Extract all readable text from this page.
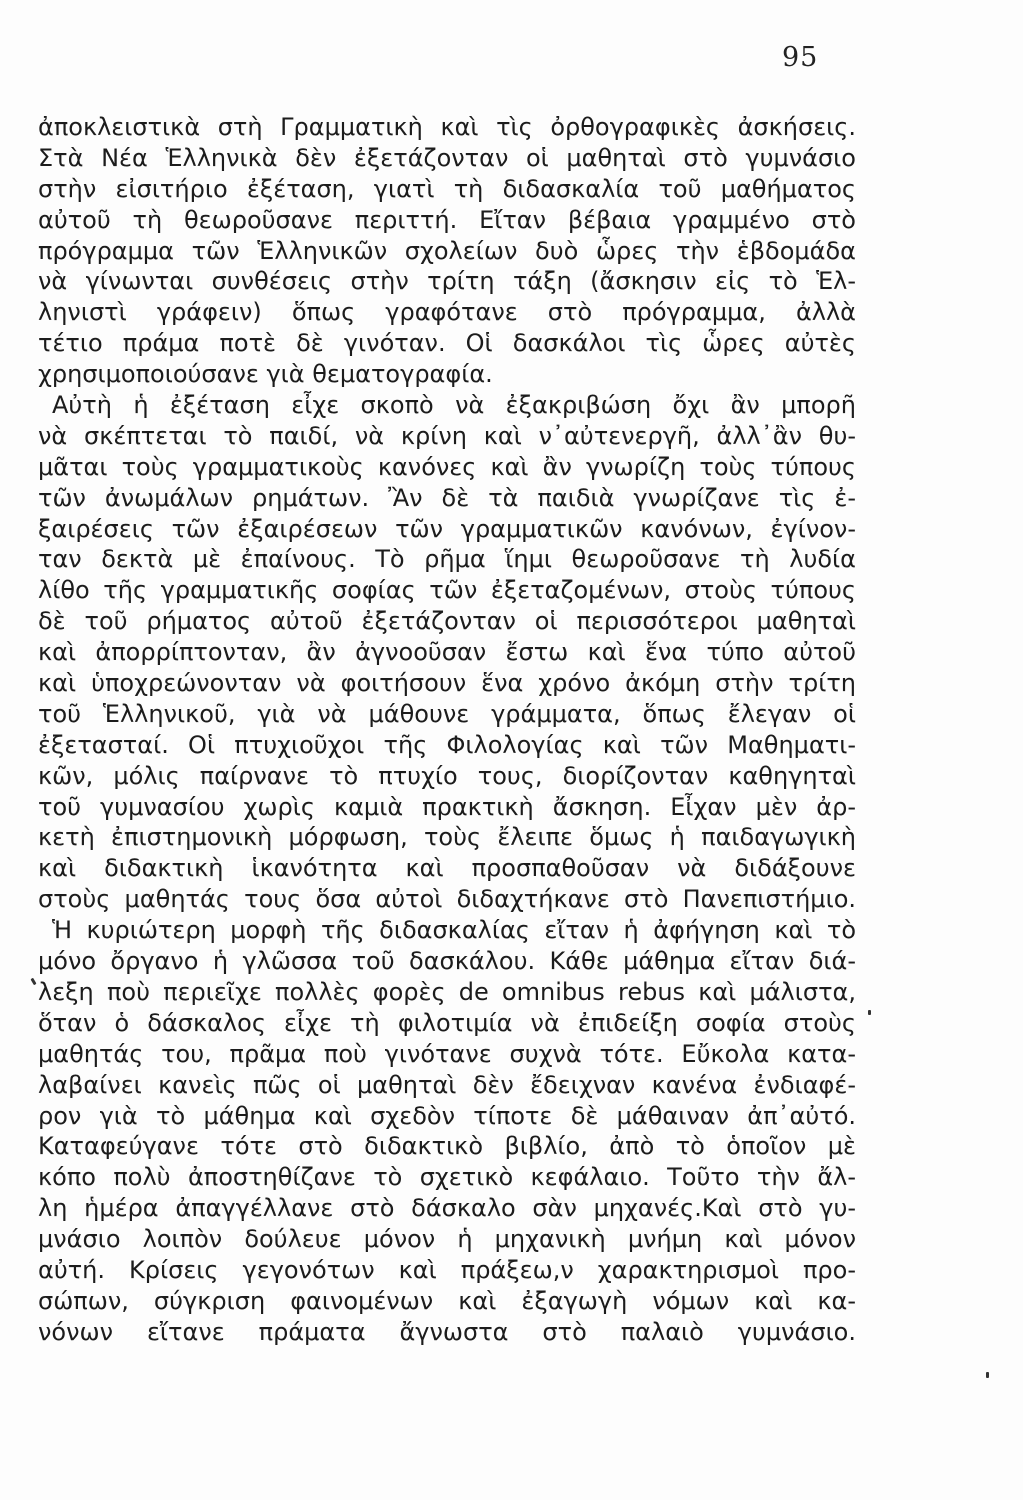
95
ἀποκλειστικὰ στὴ Γραμματικὴ καὶ τὶς ὀρθογραφικὲς ἀσκήσεις.
Στὰ Νέα Ἑλληνικὰ δὲν ἐξετάζονταν οἱ μαθηταὶ στὸ γυμνάσιο
στὴν εἰσιτήριο ἐξέταση, γιατὶ τὴ διδασκαλία τοῦ μαθήματος
αὐτοῦ τὴ θεωροῦσανε περιττή. Εἴταν βέβαια γραμμένο στὸ
πρόγραμμα τῶν Ἑλληνικῶν σχολείων δυὸ ὧρες τὴν ἑβδομάδα
νὰ γίνωνται συνθέσεις στὴν τρίτη τάξη (ἄσκησιν εἰς τὸ Ἑλ-
ληνιστὶ γράφειν) ὅπως γραφότανε στὸ πρόγραμμα, ἀλλὰ
τέτιο πράμα ποτὲ δὲ γινόταν. Οἱ δασκάλοι τὶς ὧρες αὐτὲς
χρησιμοποιούσανε γιὰ θεματογραφία.
Αὐτὴ ἡ ἐξέταση εἶχε σκοπὸ νὰ ἐξακριβώση ὄχι ἂν μπορῆ
νὰ σκέπτεται τὸ παιδί, νὰ κρίνη καὶ ν᾽αὐτενεργῆ, ἀλλ᾽ἂν θυ-
μᾶται τοὺς γραμματικοὺς κανόνες καὶ ἂν γνωρίζη τοὺς τύπους
τῶν ἀνωμάλων ρημάτων. Ἂν δὲ τὰ παιδιὰ γνωρίζανε τὶς ἐ-
ξαιρέσεις τῶν ἐξαιρέσεων τῶν γραμματικῶν κανόνων, ἐγίνον-
ταν δεκτὰ μὲ ἐπαίνους. Τὸ ρῆμα ἵημι θεωροῦσανε τὴ λυδία
λίθο τῆς γραμματικῆς σοφίας τῶν ἐξεταζομένων, στοὺς τύπους
δὲ τοῦ ρήματος αὐτοῦ ἐξετάζονταν οἱ περισσότεροι μαθηταὶ
καὶ ἀπορρίπτονταν, ἂν ἀγνοοῦσαν ἔστω καὶ ἕνα τύπο αὐτοῦ
καὶ ὑποχρεώνονταν νὰ φοιτήσουν ἕνα χρόνο ἀκόμη στὴν τρίτη
τοῦ Ἑλληνικοῦ, γιὰ νὰ μάθουνε γράμματα, ὅπως ἔλεγαν οἱ
ἐξετασταί. Οἱ πτυχιοῦχοι τῆς Φιλολογίας καὶ τῶν Μαθηματι-
κῶν, μόλις παίρνανε τὸ πτυχίο τους, διορίζονταν καθηγηταὶ
τοῦ γυμνασίου χωρὶς καμιὰ πρακτικὴ ἄσκηση. Εἶχαν μὲν ἀρ-
κετὴ ἐπιστημονικὴ μόρφωση, τοὺς ἔλειπε ὅμως ἡ παιδαγωγικὴ
καὶ διδακτικὴ ἱκανότητα καὶ προσπαθοῦσαν νὰ διδάξουνε
στοὺς μαθητάς τους ὅσα αὐτοὶ διδαχτήκανε στὸ Πανεπιστήμιο.
Ἡ κυριώτερη μορφὴ τῆς διδασκαλίας εἴταν ἡ ἀφήγηση καὶ τὸ
μόνο ὄργανο ἡ γλῶσσα τοῦ δασκάλου. Κάθε μάθημα εἴταν διά-
λεξη ποὺ περιεῖχε πολλὲς φορὲς de omnibus rebus καὶ μάλιστα,
ὅταν ὁ δάσκαλος εἶχε τὴ φιλοτιμία νὰ ἐπιδείξη σοφία στοὺς
μαθητάς του, πρᾶμα ποὺ γινότανε συχνὰ τότε. Εὔκολα κατα-
λαβαίνει κανεὶς πῶς οἱ μαθηταὶ δὲν ἔδειχναν κανένα ἐνδιαφέ-
ρον γιὰ τὸ μάθημα καὶ σχεδὸν τίποτε δὲ μάθαιναν ἀπ᾽αὐτό.
Καταφεύγανε τότε στὸ διδακτικὸ βιβλίο, ἀπὸ τὸ ὁποῖον μὲ
κόπο πολὺ ἀποστηθίζανε τὸ σχετικὸ κεφάλαιο. Τοῦτο τὴν ἄλ-
λη ἡμέρα ἀπαγγέλλανε στὸ δάσκαλο σὰν μηχανές.Καὶ στὸ γυ-
μνάσιο λοιπὸν δούλευε μόνον ἡ μηχανικὴ μνήμη καὶ μόνον
αὐτή. Κρίσεις γεγονότων καὶ πράξεω,ν χαρακτηρισμοὶ προ-
σώπων, σύγκριση φαινομένων καὶ ἐξαγωγὴ νόμων καὶ κα-
νόνων εἴτανε πράματα ἄγνωστα στὸ παλαιὸ γυμνάσιο.
